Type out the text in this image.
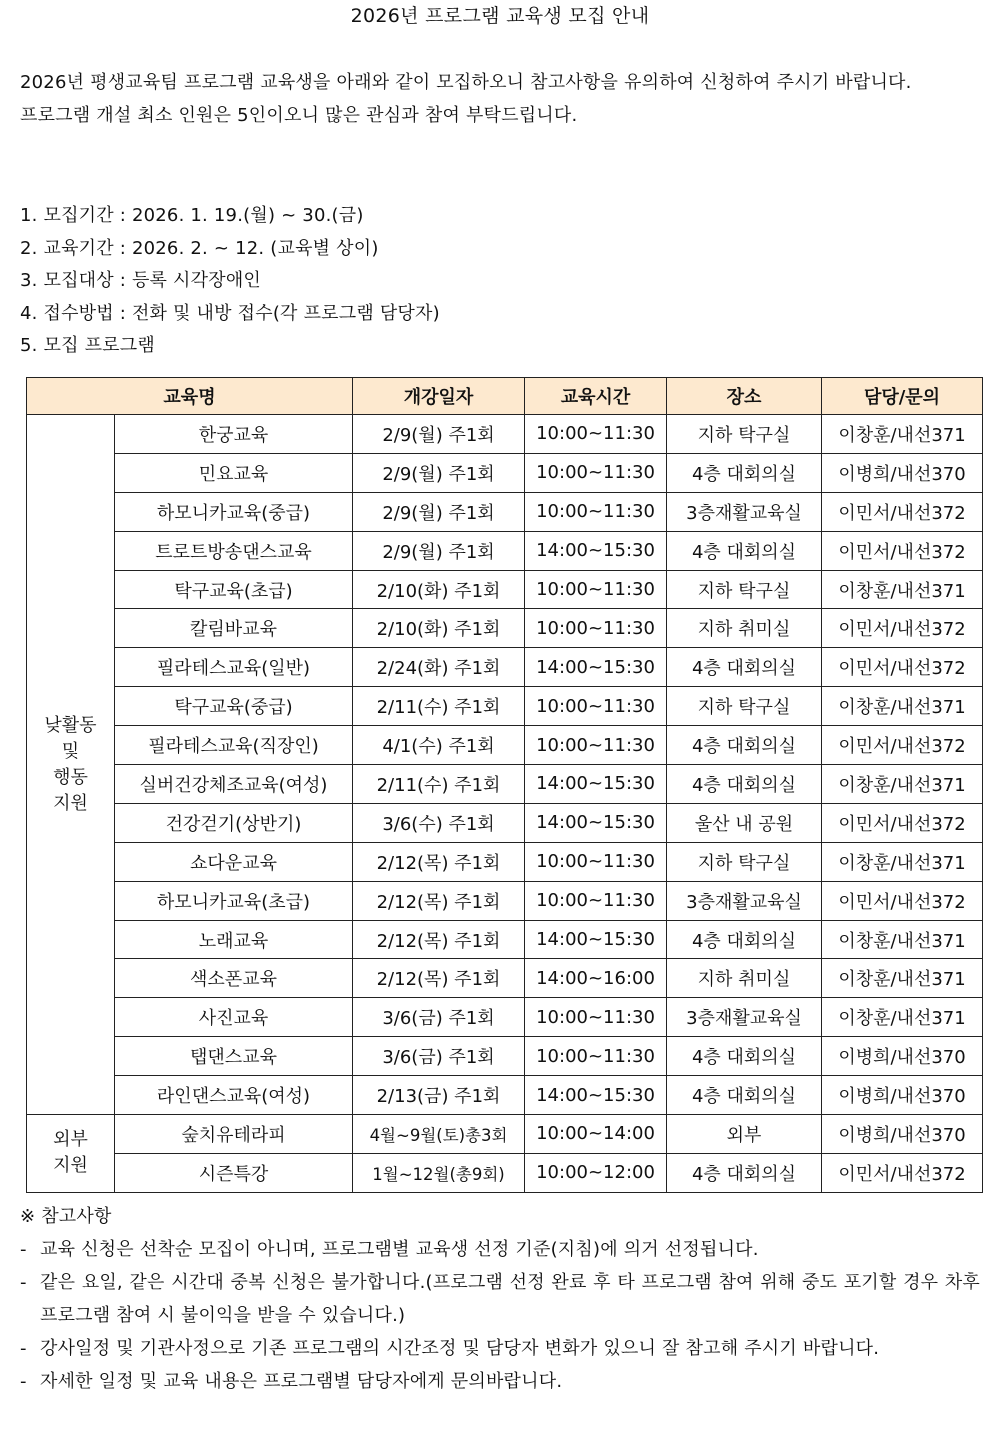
2026년 프로그램 교육생 모집 안내

2026년 평생교육팀 프로그램 교육생을 아래와 같이 모집하오니 참고사항을 유의하여 신청하여 주시기 바랍니다.

프로그램 개설 최소 인원은 5인이오니 많은 관심과 참여 부탁드립니다.

1. 모집기간 : 2026. 1. 19.(월) ~ 30.(금)
2. 교육기간 : 2026. 2. ~ 12. (교육별 상이)
3. 모집대상 : 등록 시각장애인
4. 접수방법 : 전화 및 내방 접수(각 프로그램 담당자)
5. 모집 프로그램
교육명		개강일자	교육시간	장소	담당/문의

낮활동
및
행동
지원	한궁교육	2/9(월) 주1회	10:00~11:30	지하 탁구실	이창훈/내선371
	민요교육	2/9(월) 주1회	10:00~11:30	4층 대회의실	이병희/내선370
	하모니카교육(중급)	2/9(월) 주1회	10:00~11:30	3층재활교육실	이민서/내선372
	트로트방송댄스교육	2/9(월) 주1회	14:00~15:30	4층 대회의실	이민서/내선372
	탁구교육(초급)	2/10(화) 주1회	10:00~11:30	지하 탁구실	이창훈/내선371
	칼림바교육	2/10(화) 주1회	10:00~11:30	지하 취미실	이민서/내선372
	필라테스교육(일반)	2/24(화) 주1회	14:00~15:30	4층 대회의실	이민서/내선372
	탁구교육(중급)	2/11(수) 주1회	10:00~11:30	지하 탁구실	이창훈/내선371
	필라테스교육(직장인)	4/1(수) 주1회	10:00~11:30	4층 대회의실	이민서/내선372
	실버건강체조교육(여성)	2/11(수) 주1회	14:00~15:30	4층 대회의실	이창훈/내선371
	건강걷기(상반기)	3/6(수) 주1회	14:00~15:30	울산 내 공원	이민서/내선372
	쇼다운교육	2/12(목) 주1회	10:00~11:30	지하 탁구실	이창훈/내선371
	하모니카교육(초급)	2/12(목) 주1회	10:00~11:30	3층재활교육실	이민서/내선372
	노래교육	2/12(목) 주1회	14:00~15:30	4층 대회의실	이창훈/내선371
	색소폰교육	2/12(목) 주1회	14:00~16:00	지하 취미실	이창훈/내선371
	사진교육	3/6(금) 주1회	10:00~11:30	3층재활교육실	이창훈/내선371
	탭댄스교육	3/6(금) 주1회	10:00~11:30	4층 대회의실	이병희/내선370
	라인댄스교육(여성)	2/13(금) 주1회	14:00~15:30	4층 대회의실	이병희/내선370

외부
지원	숲치유테라피	4월~9월(토)총3회	10:00~14:00	외부	이병희/내선370
	시즌특강	1월~12월(총9회)	10:00~12:00	4층 대회의실	이민서/내선372

※ 참고사항

- 교육 신청은 선착순 모집이 아니며, 프로그램별 교육생 선정 기준(지침)에 의거 선정됩니다.
- 같은 요일, 같은 시간대 중복 신청은 불가합니다.(프로그램 선정 완료 후 타 프로그램 참여 위해 중도 포기할 경우 차후 프로그램 참여 시 불이익을 받을 수 있습니다.)
- 강사일정 및 기관사정으로 기존 프로그램의 시간조정 및 담당자 변화가 있으니 잘 참고해 주시기 바랍니다.
- 자세한 일정 및 교육 내용은 프로그램별 담당자에게 문의바랍니다.
